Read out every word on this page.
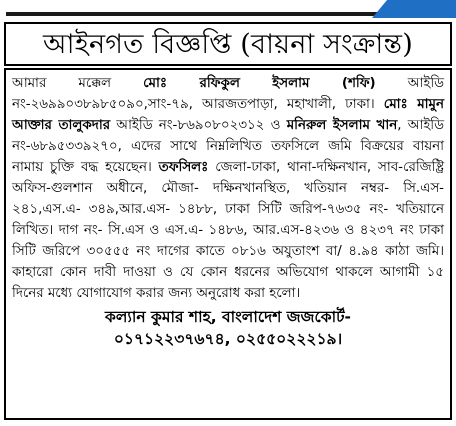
আইনগত বিজ্ঞপ্তি (বায়না সংক্রান্ত)

আমার মক্কেল মোঃ রফিকুল ইসলাম (শফি) আইডি নং-২৬৯৯০৩৮৯৮৫০৯০,সাং-৭৯, আরজতপাড়া, মহাখালী, ঢাকা। মোঃ মামুন আক্তার তালুকদার আইডি নং-৮৬৯০৮০২৩১২ ও মনিরুল ইসলাম খান, আইডি নং-৬৮৯৫৩৩৯২৭০, এদের সাথে নিম্নলিখিত তফসিলে জমি বিক্রয়ের বায়না নামায় চুক্তি বদ্ধ হয়েছেন। তফসিলঃ জেলা-ঢাকা, থানা-দক্ষিনখান, সাব-রেজিষ্ট্রি অফিস-গুলশান অধীনে, মৌজা- দক্ষিনখানস্থিত, খতিয়ান নম্বর- সি.এস- ২৪১,এস.এ- ৩৪৯,আর.এস- ১৪৮৮, ঢাকা সিটি জরিপ-৭৬৩৫ নং- খতিয়ানে লিখিত। দাগ নং- সি.এস ও এস.এ- ১৪৮৬, আর.এস-৪২৩৬ ও ৪২৩৭ নং ঢাকা সিটি জরিপে ৩০৫৫৫ নং দাগের কাতে ০৮১৬ অযুতাংশ বা/ ৪.৯৪ কাঠা জমি। কাহারো কোন দাবী দাওয়া ও যে কোন ধরনের অভিযোগ থাকলে আগামী ১৫ দিনের মধ্যে যোগাযোগ করার জন্য অনুরোধ করা হলো।

কল্যান কুমার শাহ, বাংলাদেশ জজকোর্ট-
০১৭১২২৩৭৬৭৪, ০২৫৫০২২২১৯।
